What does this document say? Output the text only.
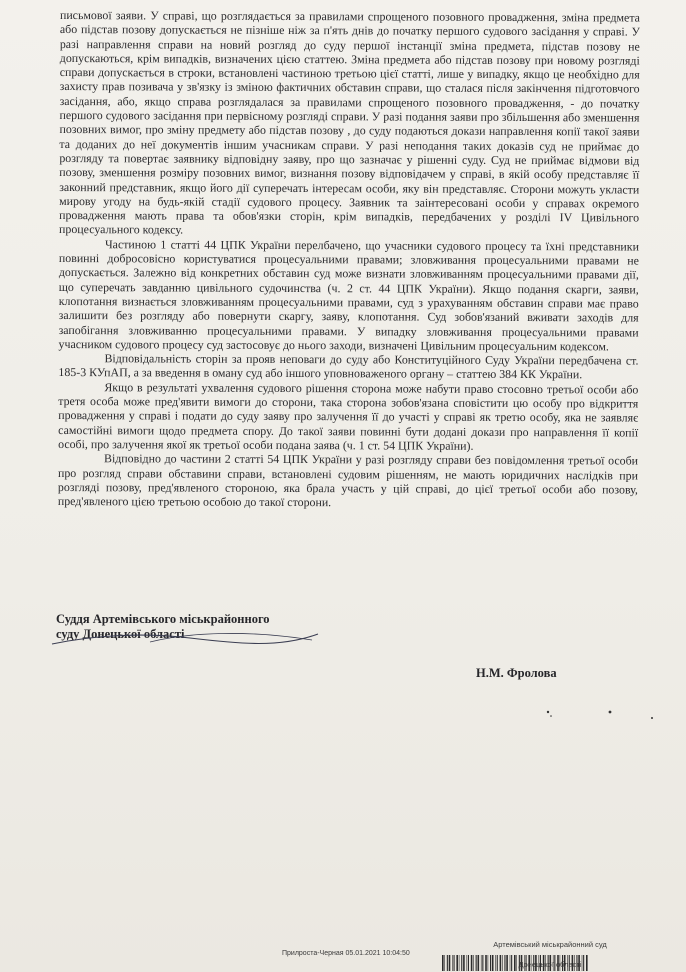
письмової заяви. У справі, що розглядається за правилами спрощеного позовного провадження, зміна предмета або підстав позову допускається не пізніше ніж за п'ять днів до початку першого судового засідання у справі. У разі направлення справи на новий розгляд до суду першої інстанції зміна предмета, підстав позову не допускаються, крім випадків, визначених цією статтею. Зміна предмета або підстав позову при новому розгляді справи допускається в строки, встановлені частиною третьою цієї статті, лише у випадку, якщо це необхідно для захисту прав позивача у зв'язку із зміною фактичних обставин справи, що сталася після закінчення підготовчого засідання, або, якщо справа розглядалася за правилами спрощеного позовного провадження, - до початку першого судового засідання при первісному розгляді справи. У разі подання заяви про збільшення або зменшення позовних вимог, про зміну предмету або підстав позову , до суду подаються докази направлення копії такої заяви та доданих до неї документів іншим учасникам справи. У разі неподання таких доказів суд не приймає до розгляду та повертає заявнику відповідну заяву, про що зазначає у рішенні суду. Суд не приймає відмови від позову, зменшення розміру позовних вимог, визнання позову відповідачем у справі, в якій особу представляє її законний представник, якщо його дії суперечать інтересам особи, яку він представляє. Сторони можуть укласти мирову угоду на будь-якій стадії судового процесу. Заявник та заінтересовані особи у справах окремого провадження мають права та обов'язки сторін, крім випадків, передбачених у розділі IV Цивільного процесуального кодексу.

Частиною 1 статті 44 ЦПК України перелбачено, що учасники судового процесу та їхні представники повинні добросовісно користуватися процесуальними правами; зловживання процесуальними правами не допускається. Залежно від конкретних обставин суд може визнати зловживанням процесуальними правами дії, що суперечать завданню цивільного судочинства (ч. 2 ст. 44 ЦПК України). Якщо подання скарги, заяви, клопотання визнається зловживанням процесуальними правами, суд з урахуванням обставин справи має право залишити без розгляду або повернути скаргу, заяву, клопотання. Суд зобов'язаний вживати заходів для запобігання зловживанню процесуальними правами. У випадку зловживання процесуальними правами учасником судового процесу суд застосовує до нього заходи, визначені Цивільним процесуальним кодексом.

Відповідальність сторін за прояв неповаги до суду або Конституційного Суду України передбачена ст. 185-3 КУпАП, а за введення в оману суд або іншого уповноваженого органу – статтею 384 КК України.

Якщо в результаті ухвалення судового рішення сторона може набути право стосовно третьої особи або третя особа може пред'явити вимоги до сторони, така сторона зобов'язана сповістити цю особу про відкриття провадження у справі і подати до суду заяву про залучення її до участі у справі як третю особу, яка не заявляє самостійні вимоги щодо предмета спору. До такої заяви повинні бути додані докази про направлення її копії особі, про залучення якої як третьої особи подана заява (ч. 1 ст. 54 ЦПК України).

Відповідно до частини 2 статті 54 ЦПК України у разі розгляду справи без повідомлення третьої особи про розгляд справи обставини справи, встановлені судовим рішенням, не мають юридичних наслідків при розгляді позову, пред'явленого стороною, яка брала участь у цій справі, до цієї третьої особи або позову, пред'явленого цією третьою особою до такої сторони.

Суддя Артемівського міськрайонного
суду Донецької області
Н.М. Фролова
Артемівський міськрайонний суд
Прилроста-Черная 05.01.2021 10:04:50
Донецької області
